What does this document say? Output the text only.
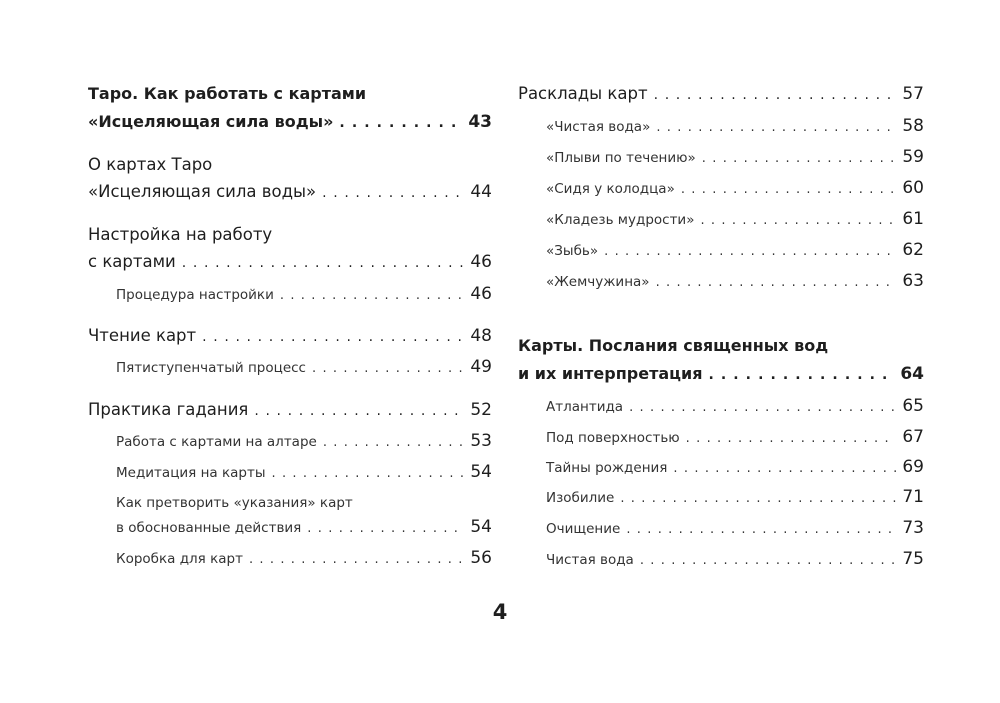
Таро. Как работать с картами
«Исцеляющая сила воды» . . .	43
О картах Таро
«Исцеляющая сила воды» . . .	44
Настройка на работу
с картами . . .	46
Процедура настройки . . .	46
Чтение карт . . .	48
Пятиступенчатый процесс . . .	49
Практика гадания . . .	52
Работа с картами на алтаре . . .	53
Медитация на карты . . .	54
Как претворить «указания» карт
в обоснованные действия . . .	54
Коробка для карт . . .	56
Расклады карт . . .	57
«Чистая вода» . . .	58
«Плыви по течению» . . .	59
«Сидя у колодца» . . .	60
«Кладезь мудрости» . . .	61
«Зыбь» . . .	62
«Жемчужина» . . .	63
Карты. Послания священных вод
и их интерпретация . . .	64
Атлантида . . .	65
Под поверхностью . . .	67
Тайны рождения . . .	69
Изобилие . . .	71
Очищение . . .	73
Чистая вода . . .	75
4
